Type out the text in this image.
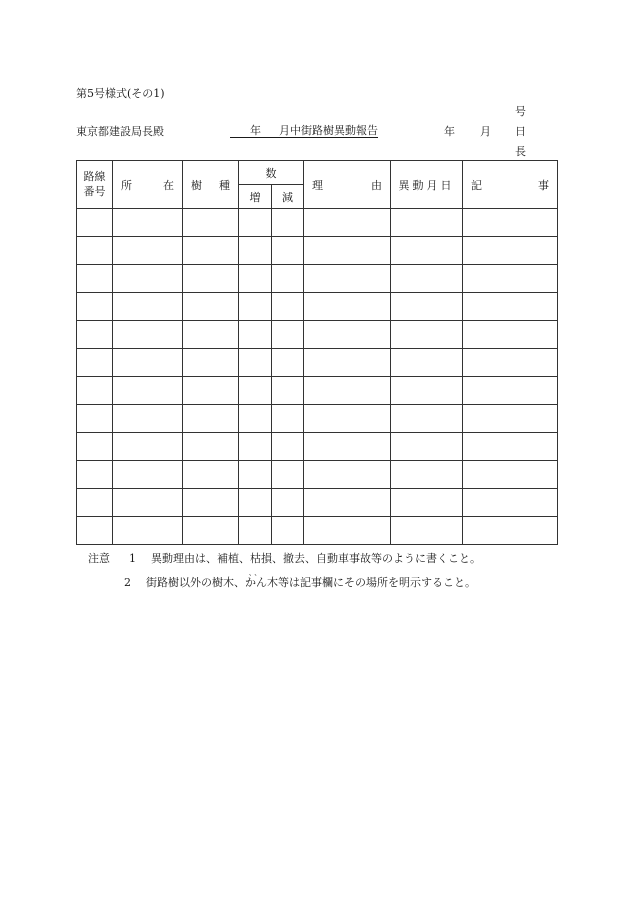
第5号様式(その1)
号
東京都建設局長殿	年 月中街路樹異動報告	年 月 日
長
路線
番号	所 在	樹 種	数		理 由	異動月日	記 事

			増	減			

注意 1 異動理由は、補植、枯損、撤去、自動車事故等のように書くこと。
2 街路樹以外の樹木、
、、
かん木等は記事欄にその場所を明示すること。
